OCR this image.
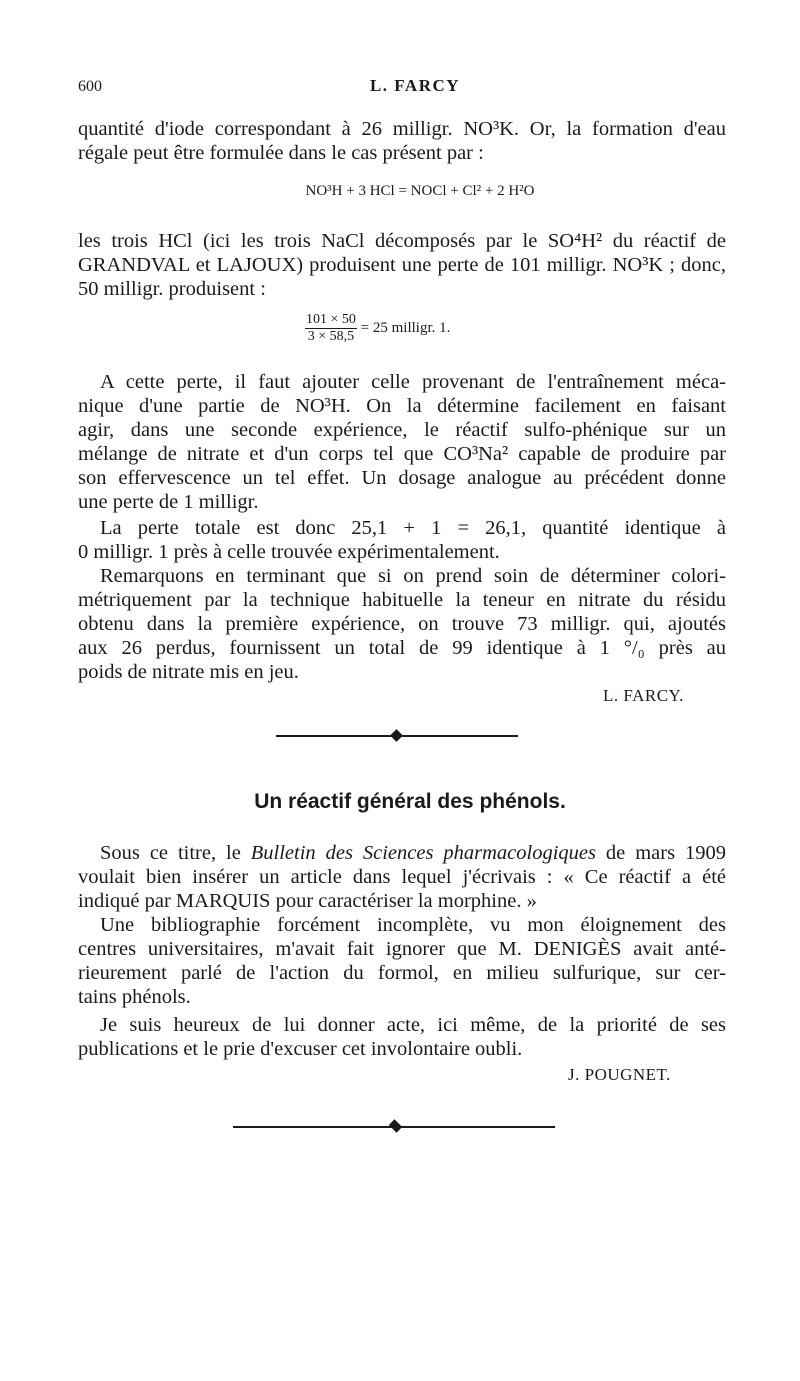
600	L. FARCY
quantité d'iode correspondant à 26 milligr. NO³K. Or, la formation d'eau
régale peut être formulée dans le cas présent par :
NO³H + 3 HCl = NOCl + Cl² + 2 H²O
les trois HCl (ici les trois NaCl décomposés par le SO⁴H² du réactif de
GRANDVAL et LAJOUX) produisent une perte de 101 milligr. NO³K ; donc,
50 milligr. produisent :
$\frac{101 \times 50}{3 \times 58,5} = 25$ milligr. 1.
A cette perte, il faut ajouter celle provenant de l'entraînement méca-
nique d'une partie de NO³H. On la détermine facilement en faisant
agir, dans une seconde expérience, le réactif sulfo-phénique sur un
mélange de nitrate et d'un corps tel que CO³Na² capable de produire par
son effervescence un tel effet. Un dosage analogue au précédent donne
une perte de 1 milligr.
La perte totale est donc 25,1 + 1 = 26,1, quantité identique à
0 milligr. 1 près à celle trouvée expérimentalement.
Remarquons en terminant que si on prend soin de déterminer colori-
métriquement par la technique habituelle la teneur en nitrate du résidu
obtenu dans la première expérience, on trouve 73 milligr. qui, ajoutés
aux 26 perdus, fournissent un total de 99 identique à 1 °/₀ près au
poids de nitrate mis en jeu.
L. FARCY.
Un réactif général des phénols.
Sous ce titre, le Bulletin des Sciences pharmacologiques de mars 1909
voulait bien insérer un article dans lequel j'écrivais : « Ce réactif a été
indiqué par MARQUIS pour caractériser la morphine. »
Une bibliographie forcément incomplète, vu mon éloignement des
centres universitaires, m'avait fait ignorer que M. DENIGÈS avait anté-
rieurement parlé de l'action du formol, en milieu sulfurique, sur cer-
tains phénols.
Je suis heureux de lui donner acte, ici même, de la priorité de ses
publications et le prie d'excuser cet involontaire oubli.
J. POUGNET.
